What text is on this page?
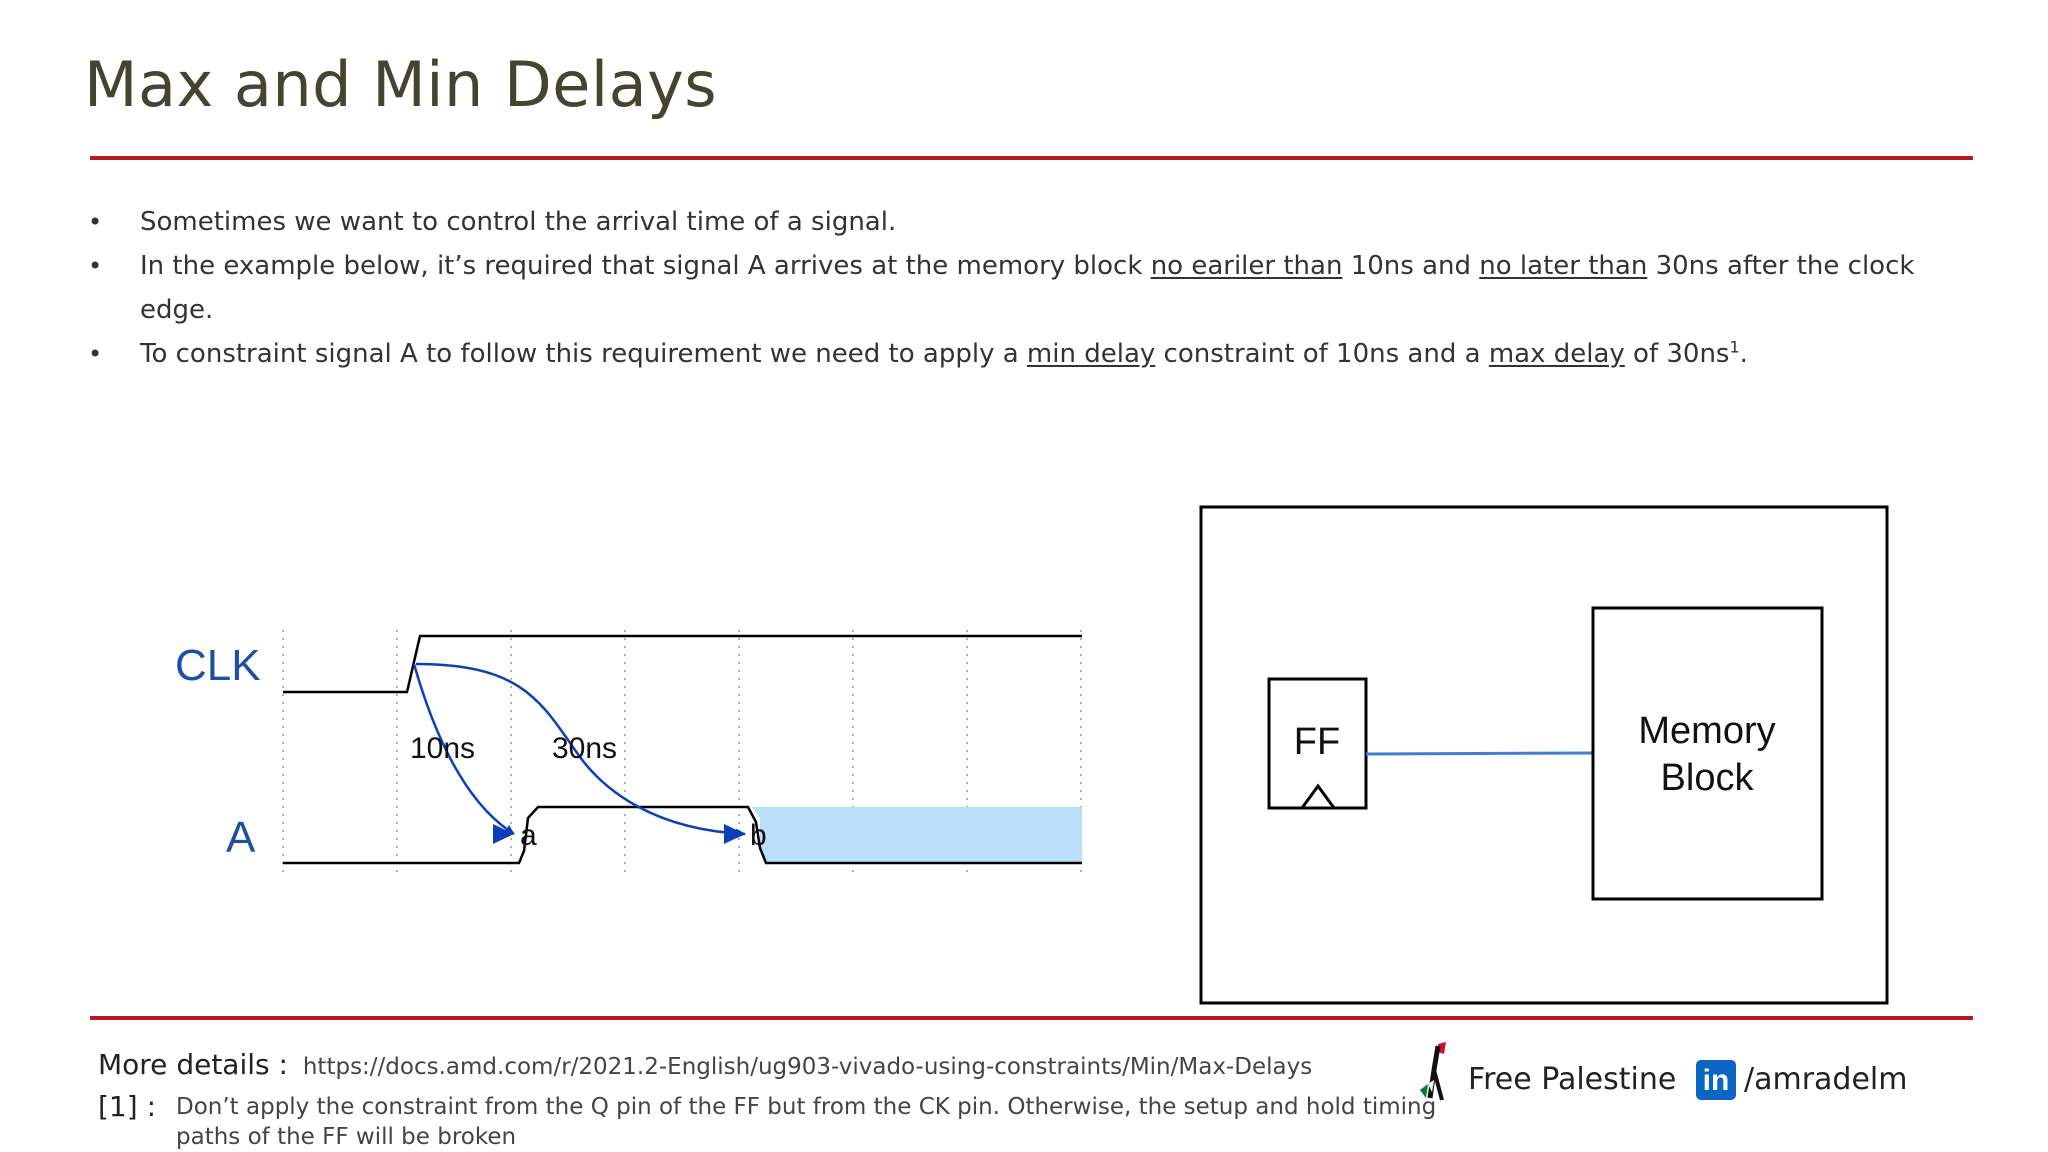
Max and Min Delays
• Sometimes we want to control the arrival time of a signal.
• In the example below, it’s required that signal A arrives at the memory block no eariler than 10ns and no later than 30ns after the clock edge.
• To constraint signal A to follow this requirement we need to apply a min delay constraint of 10ns and a max delay of $30ns^1$.
CLK
A
10ns	30ns
a	b
FF	Memory
Block
More details : https://docs.amd.com/r/2021.2-English/ug903-vivado-using-constraints/Min/Max-Delays
[1] : Don’t apply the constraint from the Q pin of the FF but from the CK pin. Otherwise, the setup and hold timing paths of the FF will be broken
Free Palestine in /amradelm
